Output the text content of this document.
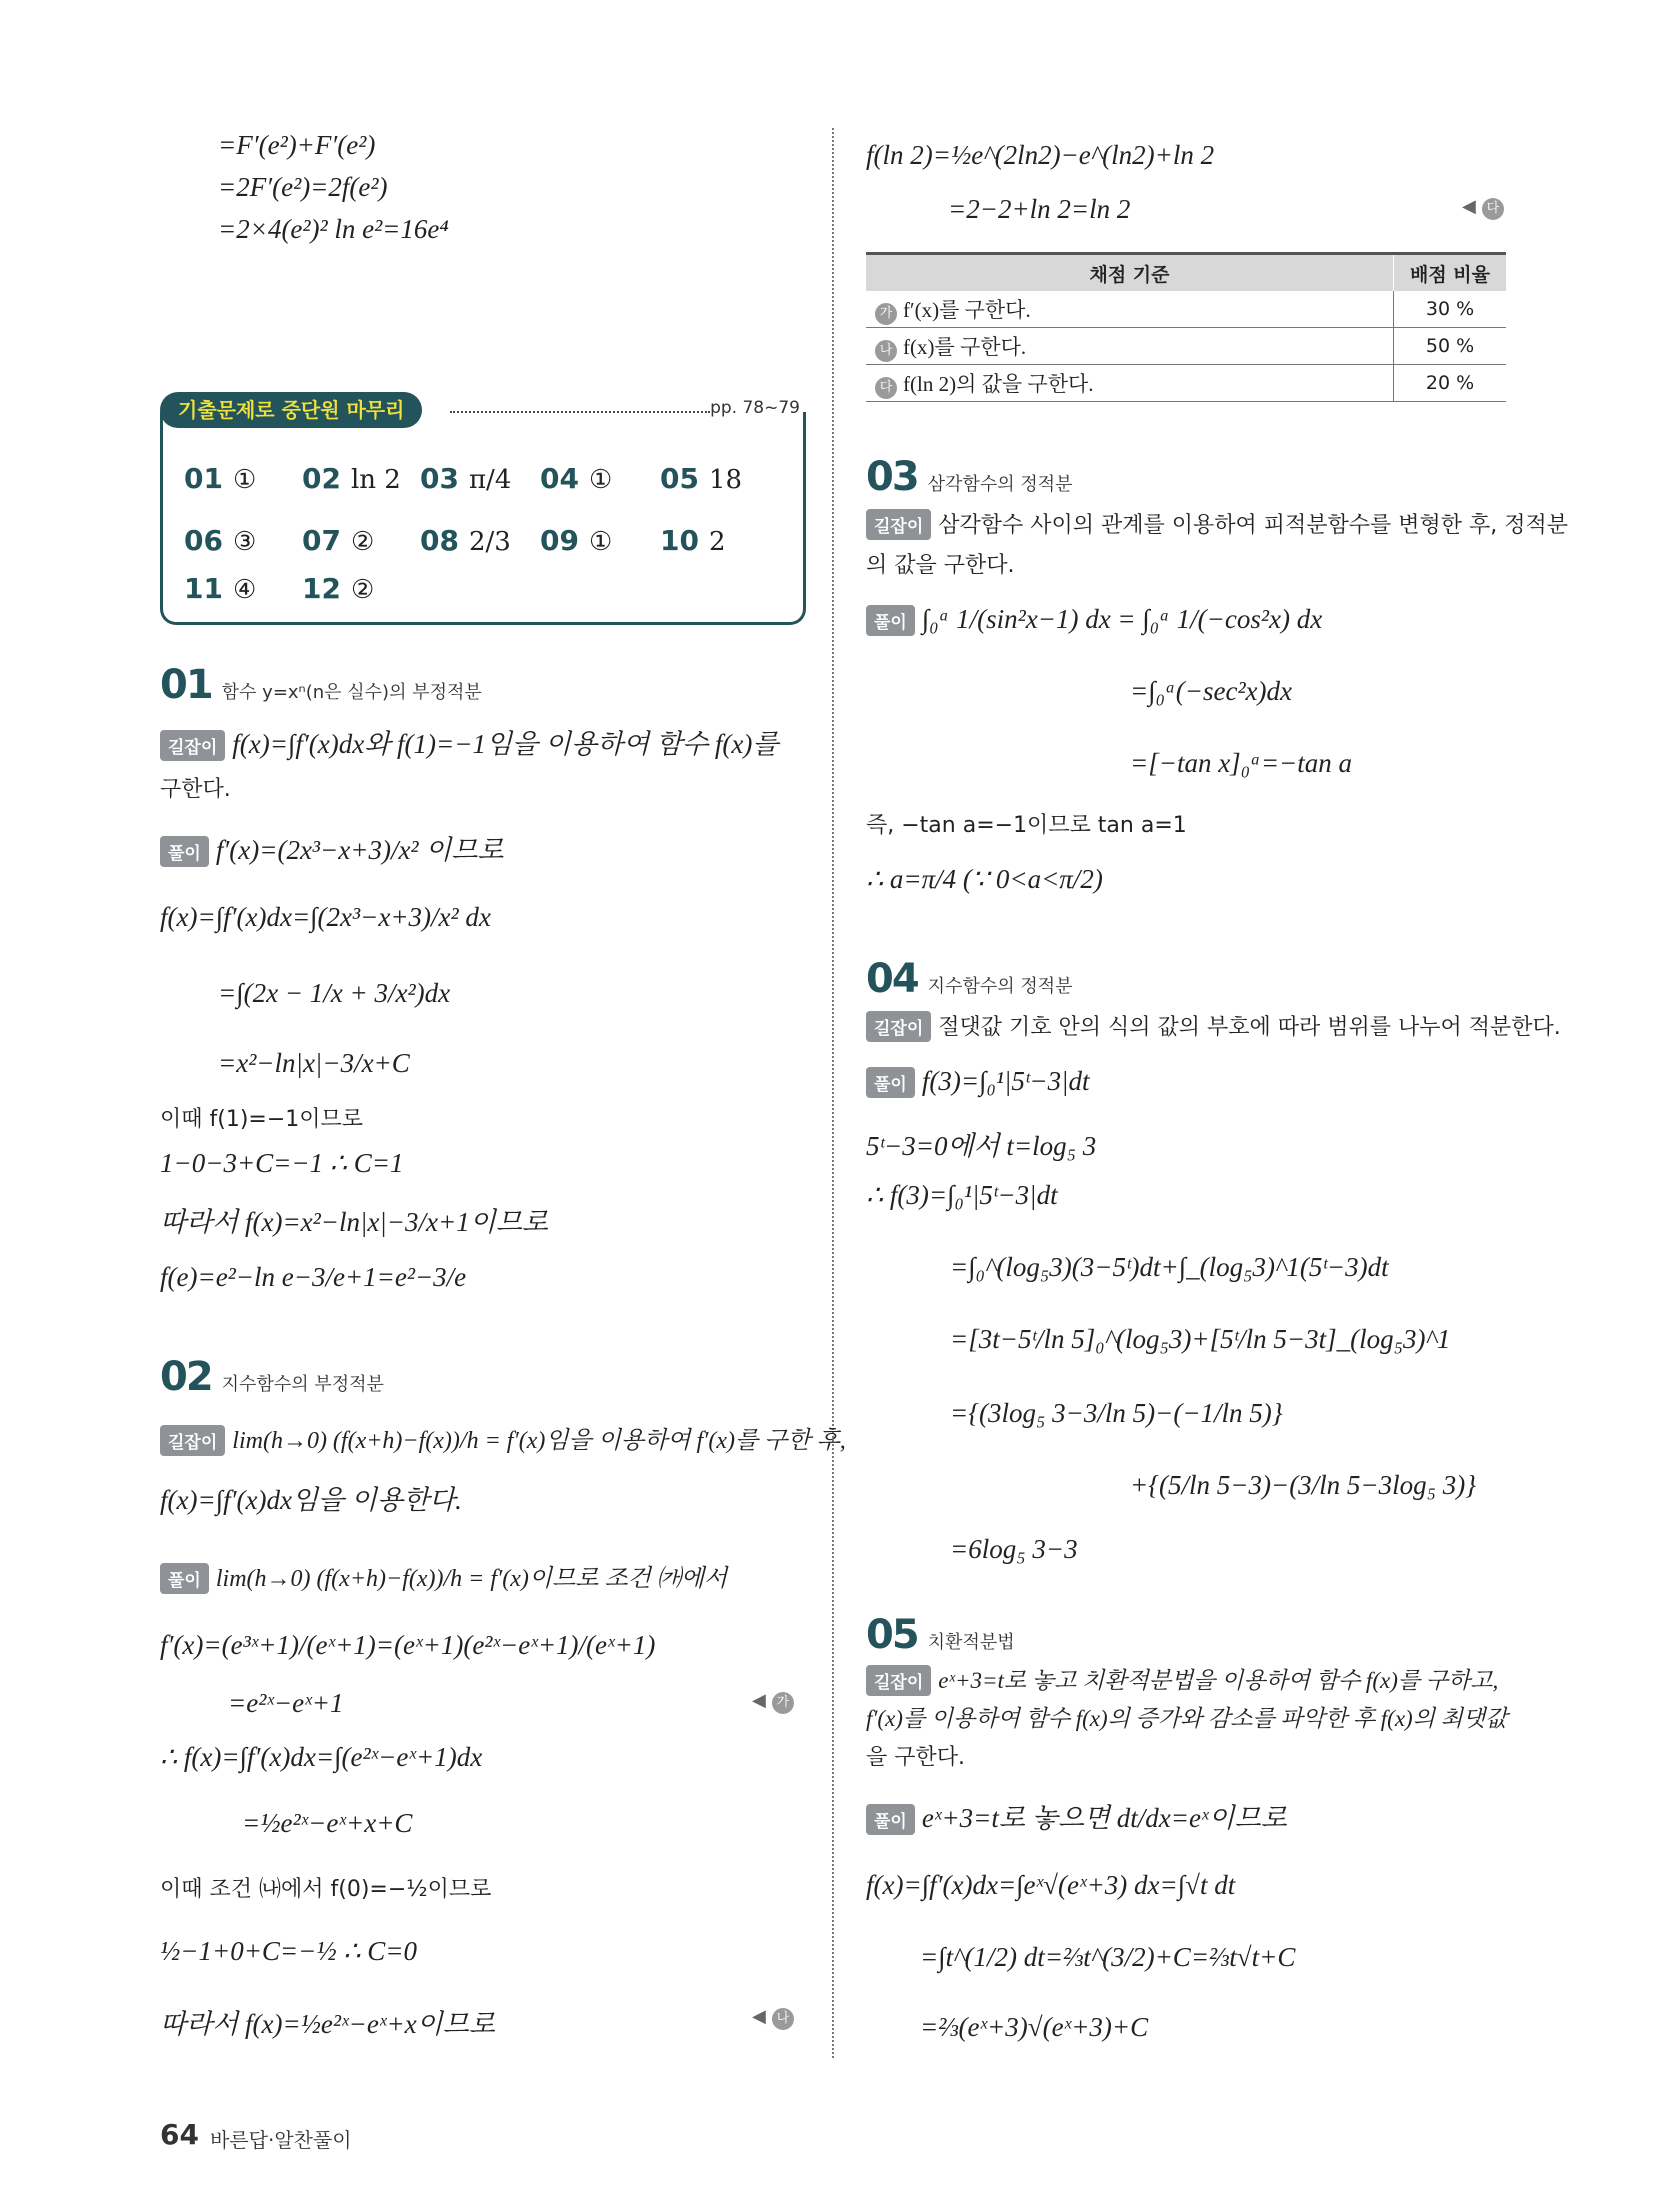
=F′(e²)+F′(e²)
=2F′(e²)=2f(e²)
=2×4(e²)² ln e²=16e⁴
기출문제로 중단원 마무리	pp. 78~79
01 ① 02 ln 2 03 π/4 04 ① 05 18
06 ③ 07 ② 08 2/3 09 ① 10 2
11 ④ 12 ②
01 함수 y=xⁿ(n은 실수)의 부정적분
길잡이 f(x)=∫f′(x)dx와 f(1)=−1임을 이용하여 함수 f(x)를
구한다.
풀이 f′(x)=(2x³−x+3)/x² 이므로
f(x)=∫f′(x)dx=∫(2x³−x+3)/x² dx
=∫(2x − 1/x + 3/x²)dx
=x²−ln|x|−3/x+C
이때 f(1)=−1이므로
1−0−3+C=−1 ∴ C=1
따라서 f(x)=x²−ln|x|−3/x+1이므로
f(e)=e²−ln e−3/e+1=e²−3/e
02 지수함수의 부정적분
길잡이 lim(h→0) (f(x+h)−f(x))/h = f′(x)임을 이용하여 f′(x)를 구한 후,
f(x)=∫f′(x)dx임을 이용한다.
풀이 lim(h→0) (f(x+h)−f(x))/h = f′(x)이므로 조건 ㈎에서
f′(x)=(e³ˣ+1)/(eˣ+1)=(eˣ+1)(e²ˣ−eˣ+1)/(eˣ+1)
=e²ˣ−eˣ+1	◀ 가
∴ f(x)=∫f′(x)dx=∫(e²ˣ−eˣ+1)dx
=½e²ˣ−eˣ+x+C
이때 조건 ㈏에서 f(0)=−½이므로
½−1+0+C=−½ ∴ C=0
따라서 f(x)=½e²ˣ−eˣ+x이므로	◀ 나
f(ln 2)=½e^(2ln2)−e^(ln2)+ln 2
=2−2+ln 2=ln 2	◀ 다
채점 기준	배점 비율
가 f′(x)를 구한다.	30 %
나 f(x)를 구한다.	50 %
다 f(ln 2)의 값을 구한다.	20 %
03 삼각함수의 정적분
길잡이 삼각함수 사이의 관계를 이용하여 피적분함수를 변형한 후, 정적분
의 값을 구한다.
풀이 ∫₀ᵃ 1/(sin²x−1) dx = ∫₀ᵃ 1/(−cos²x) dx
=∫₀ᵃ(−sec²x)dx
=[−tan x]₀ᵃ=−tan a
즉, −tan a=−1이므로 tan a=1
∴ a=π/4 (∵ 0<a<π/2)
04 지수함수의 정적분
길잡이 절댓값 기호 안의 식의 값의 부호에 따라 범위를 나누어 적분한다.
풀이 f(3)=∫₀¹|5ᵗ−3|dt
5ᵗ−3=0에서 t=log₅ 3
∴ f(3)=∫₀¹|5ᵗ−3|dt
=∫₀^(log₅3)(3−5ᵗ)dt+∫_(log₅3)^1(5ᵗ−3)dt
=[3t−5ᵗ/ln 5]₀^(log₅3)+[5ᵗ/ln 5−3t]_(log₅3)^1
={(3log₅ 3−3/ln 5)−(−1/ln 5)}
+{(5/ln 5−3)−(3/ln 5−3log₅ 3)}
=6log₅ 3−3
05 치환적분법
길잡이 eˣ+3=t로 놓고 치환적분법을 이용하여 함수 f(x)를 구하고,
f′(x)를 이용하여 함수 f(x)의 증가와 감소를 파악한 후 f(x)의 최댓값
을 구한다.
풀이 eˣ+3=t로 놓으면 dt/dx=eˣ이므로
f(x)=∫f′(x)dx=∫eˣ√(eˣ+3) dx=∫√t dt
=∫t^(1/2) dt=⅔t^(3/2)+C=⅔t√t+C
=⅔(eˣ+3)√(eˣ+3)+C
64 바른답·알찬풀이
